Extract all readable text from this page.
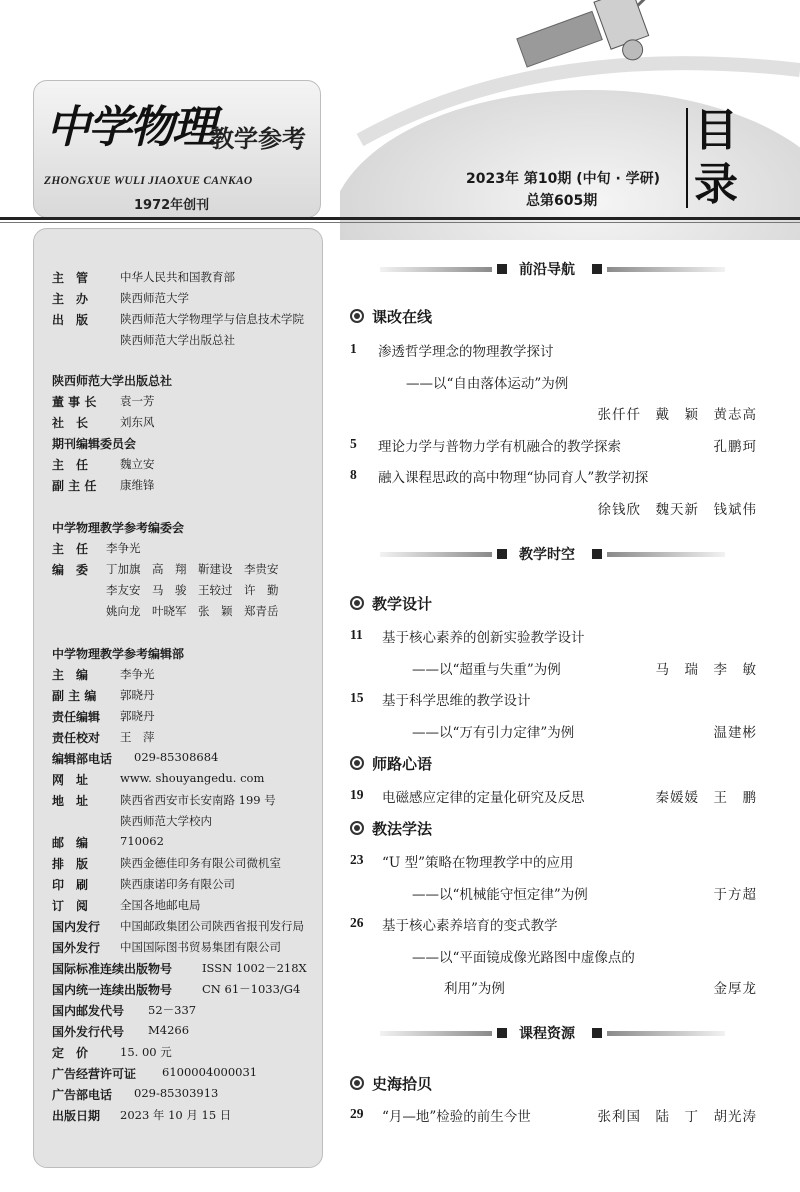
中学物理
教学参考
ZHONGXUE WULI JIAOXUE CANKAO
1972年创刊
2023年 第10期 (中旬 · 学研)
总第605期
目录
主　管	中华人民共和国教育部
主　办	陕西师范大学
出　版	陕西师范大学物理学与信息技术学院
陕西师范大学出版总社
陕西师范大学出版总社
董 事 长 袁一芳
社　长	刘东风
期刊编辑委员会
主　任	魏立安
副 主 任 康维锋
中学物理教学参考编委会
主　任 李争光
编　委 丁加旗　高　翔　靳建设　李贵安
李友安　马　骏　王较过　许　勤
姚向龙　叶晓军　张　颖　郑青岳
中学物理教学参考编辑部
主　编	李争光
副 主 编 郭晓丹
责任编辑 郭晓丹
责任校对 王　萍
编辑部电话 029-85308684
网　址	www. shouyangedu. com
地　址	陕西省西安市长安南路 199 号
陕西师范大学校内
邮　编	710062
排　版	陕西金德佳印务有限公司微机室
印　刷	陕西康诺印务有限公司
订　阅	全国各地邮电局
国内发行 中国邮政集团公司陕西省报刊发行局
国外发行 中国国际图书贸易集团有限公司
国际标准连续出版物号	ISSN 1002－218X
国内统一连续出版物号	CN 61－1033/G4
国内邮发代号 52－337
国外发行代号 M4266
定　价	15. 00 元
广告经营许可证 6100004000031
广告部电话 029-85303913
出版日期 2023 年 10 月 15 日
前沿导航
课改在线
1 渗透哲学理念的物理教学探讨
——以“自由落体运动”为例
张仟仟　戴　颖　黄志高
5 理论力学与普物力学有机融合的教学探索	孔鹏珂
8 融入课程思政的高中物理“协同育人”教学初探
徐钱欣　魏天新　钱斌伟
教学时空
教学设计
11 基于核心素养的创新实验教学设计
——以“超重与失重”为例	马　瑞　李　敏
15 基于科学思维的教学设计
——以“万有引力定律”为例	温建彬
师路心语
19 电磁感应定律的定量化研究及反思	秦媛媛　王　鹏
教法学法
23 “U 型”策略在物理教学中的应用
——以“机械能守恒定律”为例	于方超
26 基于核心素养培育的变式教学
——以“平面镜成像光路图中虚像点的
利用”为例	金厚龙
课程资源
史海拾贝
29 “月—地”检验的前生今世	张利国　陆　丁　胡光涛
